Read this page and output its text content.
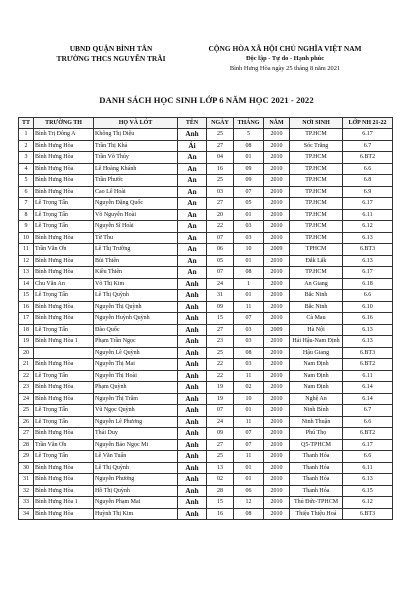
UBND QUẬN BÌNH TÂN
TRƯỜNG THCS NGUYỄN TRÃI
CỘNG HÒA XÃ HỘI CHỦ NGHĨA VIỆT NAM
Độc lập - Tự do - Hạnh phúc
Bình Hưng Hòa ngày 25 tháng 8 năm 2021
DANH SÁCH HỌC SINH LỚP 6 NĂM HỌC 2021 - 2022
TT	TRƯỜNG TH	HỌ VÀ LÓT	TÊN	NGÀY	THÁNG	NĂM	NƠI SINH	LỚP NH 21-22
1	Bình Trị Đông A	Không Thị Diệu	Anh	25	5	2010	TP.HCM	6.17
2	Bình Hưng Hòa	Trần Thị Khả	Ái	27	08	2010	Sóc Trăng	6.7
3	Bình Hưng Hòa	Trần Võ Thúy	An	04	01	2010	TP.HCM	6.BT2
4	Bình Hưng Hòa	Lê Hoàng Khánh	An	16	09	2010	TP.HCM	6.6
5	Bình Hưng Hòa	Trần Phước	An	25	09	2010	TP.HCM	6.8
6	Bình Hưng Hòa	Cao Lê Hoài	An	03	07	2010	TP.HCM	6.9
7	Lê Trọng Tấn	Nguyễn Đặng Quốc	An	27	05	2010	TP.HCM	6.17
8	Lê Trọng Tấn	Võ Nguyễn Hoài	An	20	01	2010	TP.HCM	6.11
9	Lê Trọng Tấn	Nguyễn Sĩ Hoài	An	22	03	2010	TP.HCM	6.12
10	Bình Hưng Hòa	Từ Thu	An	07	03	2010	TP.HCM	6.13
11	Trần Văn Ơn	Lê Thị Trường	An	06	10	2009	TPHCM	6.BT3
12	Bình Hưng Hòa	Bùi Thiên	An	05	01	2010	Đắk Lắk	6.13
13	Bình Hưng Hòa	Kiều Thiên	An	07	08	2010	TP.HCM	6.17
14	Chu Văn An	Võ Thị Kim	Anh	24	1	2010	An Giang	6.18
15	Lê Trọng Tấn	Lê Thị Quỳnh	Anh	31	01	2010	Bắc Ninh	6.6
16	Bình Hưng Hòa	Nguyễn Thị Quỳnh	Anh	09	11	2010	Bắc Ninh	6.10
17	Bình Hưng Hòa	Nguyễn Huỳnh Quỳnh	Anh	15	07	2010	Cà Mau	6.16
18	Lê Trọng Tấn	Đào Quốc	Anh	27	03	2009	Hà Nội	6.13
19	Bình Hưng Hòa 1	Phạm Trần Ngọc	Anh	23	03	2010	Hải Hậu-Nam Định	6.13
20		Nguyễn Lê Quỳnh	Anh	25	08	2010	Hậu Giang	6.BT3
21	Bình Hưng Hòa	Nguyễn Thị Mai	Anh	22	03	2010	Nam Định	6.BT2
22	Lê Trọng Tấn	Nguyễn Thị Hoài	Anh	22	11	2010	Nam Định	6.11
23	Bình Hưng Hòa	Phạm Quỳnh	Anh	19	02	2010	Nam Định	6.14
24	Bình Hưng Hòa	Nguyễn Thị Trâm	Anh	19	10	2010	Nghệ An	6.14
25	Lê Trọng Tấn	Vũ Ngọc Quỳnh	Anh	07	01	2010	Ninh Bình	6.7
26	Lê Trọng Tấn	Nguyễn Lê Phương	Anh	24	11	2010	Ninh Thuận	6.6
27	Bình Hưng Hòa	Thái Duy	Anh	09	07	2010	Phú Thọ	6.BT2
28	Trần Văn Ơn	Nguyễn Bảo Ngọc Mi	Anh	27	07	2010	Q5-TPHCM	6.17
29	Lê Trọng Tấn	Lê Văn Tuấn	Anh	25	11	2010	Thanh Hóa	6.6
30	Bình Hưng Hòa	Lê Thị Quỳnh	Anh	13	01	2010	Thanh Hóa	6.11
31	Bình Hưng Hòa	Nguyễn Phương	Anh	02	01	2010	Thanh Hóa	6.13
32	Bình Hưng Hòa	Hồ Thị Quỳnh	Anh	28	06	2010	Thanh Hóa	6.15
33	Bình Hưng Hòa 1	Nguyễn Phạm Mai	Anh	15	12	2010	Thủ Đức-TPHCM	6.12
34	Bình Hưng Hòa	Huỳnh Thị Kim	Anh	16	08	2010	Thiệu Thiệu Hoá	6.BT3
